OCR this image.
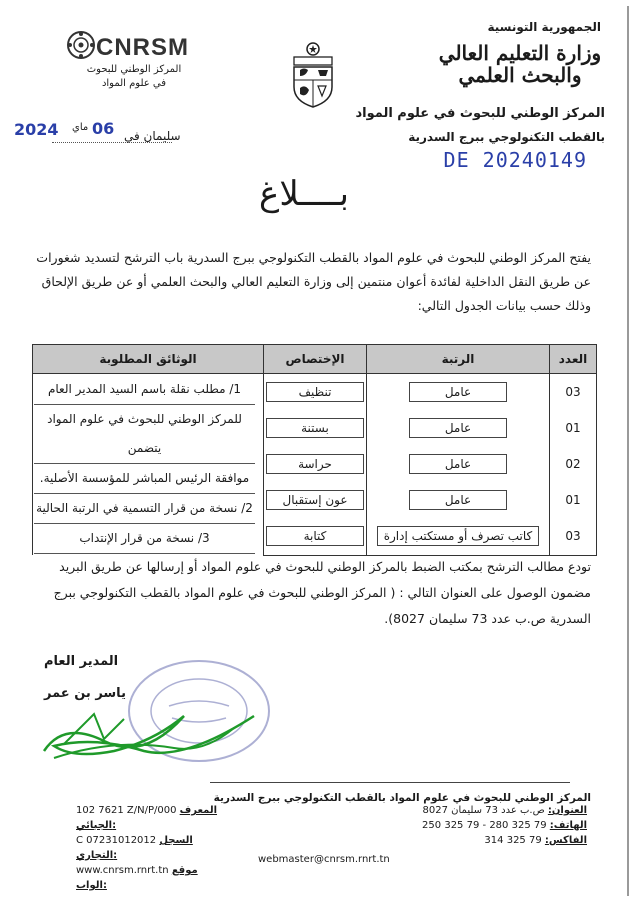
الجمهورية التونسية
وزارة التعليم العالي
والبحث العلمي
المركز الوطني للبحوث في علوم المواد
بالقطب التكنولوجي ببرج السدرية
DE 20240149
CNRSM
المركز الوطني للبحوث
في علوم المواد
2024 ماي 06 سليمان في
بــــلاغ
يفتح المركز الوطني للبحوث في علوم المواد بالقطب التكنولوجي ببرج السدرية باب الترشح لتسديد شغورات عن طريق النقل الداخلية لفائدة أعوان منتمين إلى وزارة التعليم العالي والبحث العلمي أو عن طريق الإلحاق وذلك حسب بيانات الجدول التالي:
العدد	الرتبة	الإختصاص	الوثائق المطلوبة
03	عامل	تنظيف	1/ مطلب نقلة باسم السيد المدير العام
للمركز الوطني للبحوث في علوم المواد يتضمن
موافقة الرئيس المباشر للمؤسسة الأصلية.
2/ نسخة من قرار التسمية في الرتبة الحالية
3/ نسخة من قرار الإنتداب

01	عامل	بستنة	
02	عامل	حراسة	
01	عامل	عون إستقبال	
03	كاتب تصرف أو مستكتب إدارة	كتابة	
تودع مطالب الترشح بمكتب الضبط بالمركز الوطني للبحوث في علوم المواد أو إرسالها عن طريق البريد مضمون الوصول على العنوان التالي : ( المركز الوطني للبحوث في علوم المواد بالقطب التكنولوجي ببرج السدرية ص.ب عدد 73 سليمان 8027).
المدير العام
ياسر بن عمر
المركز الوطني للبحوث في علوم المواد بالقطب التكنولوجي ببرج السدرية
العنوان: ص.ب عدد 73 سليمان 8027
الهاتف: 79 325 280 - 79 325 250
الفاكس: 79 325 314
102 7621 Z/N/P/000 المعرف الجبائي:
C 07231012012 السجل التجاري:
www.cnrsm.rnrt.tn موقع الواب:
webmaster@cnrsm.rnrt.tn
